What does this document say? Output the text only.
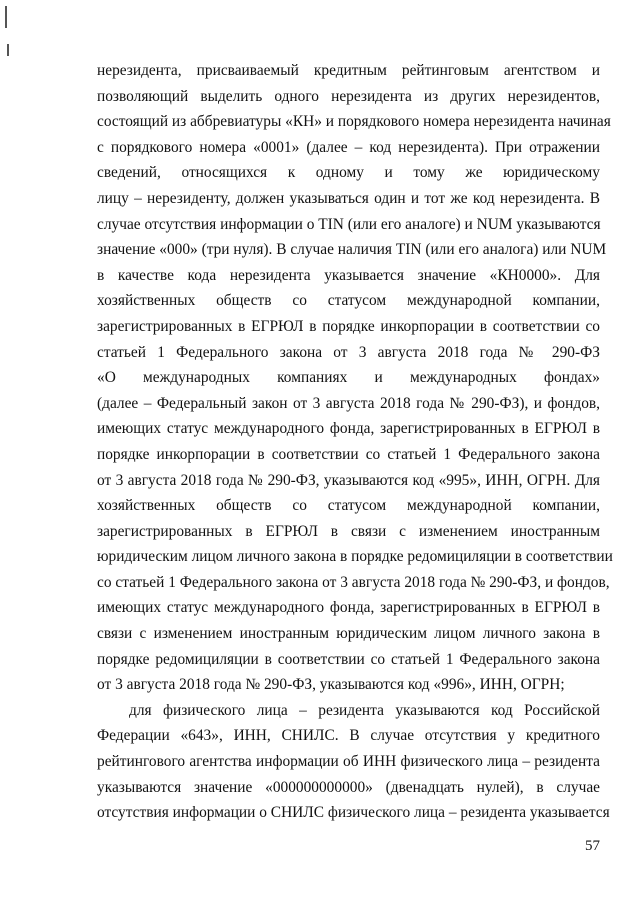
нерезидента, присваиваемый кредитным рейтинговым агентством и
позволяющий выделить одного нерезидента из других нерезидентов,
состоящий из аббревиатуры «КН» и порядкового номера нерезидента начиная
с порядкового номера «0001» (далее – код нерезидента). При отражении
сведений, относящихся к одному и тому же юридическому
лицу – нерезиденту, должен указываться один и тот же код нерезидента. В
случае отсутствия информации о TIN (или его аналоге) и NUM указываются
значение «000» (три нуля). В случае наличия TIN (или его аналога) или NUM
в качестве кода нерезидента указывается значение «КН0000». Для
хозяйственных обществ со статусом международной компании,
зарегистрированных в ЕГРЮЛ в порядке инкорпорации в соответствии со
статьей 1 Федерального закона от 3 августа 2018 года № 290-ФЗ
«О международных компаниях и международных фондах»
(далее – Федеральный закон от 3 августа 2018 года № 290-ФЗ), и фондов,
имеющих статус международного фонда, зарегистрированных в ЕГРЮЛ в
порядке инкорпорации в соответствии со статьей 1 Федерального закона
от 3 августа 2018 года № 290-ФЗ, указываются код «995», ИНН, ОГРН. Для
хозяйственных обществ со статусом международной компании,
зарегистрированных в ЕГРЮЛ в связи с изменением иностранным
юридическим лицом личного закона в порядке редомициляции в соответствии
со статьей 1 Федерального закона от 3 августа 2018 года № 290-ФЗ, и фондов,
имеющих статус международного фонда, зарегистрированных в ЕГРЮЛ в
связи с изменением иностранным юридическим лицом личного закона в
порядке редомициляции в соответствии со статьей 1 Федерального закона
от 3 августа 2018 года № 290-ФЗ, указываются код «996», ИНН, ОГРН;
для физического лица – резидента указываются код Российской
Федерации «643», ИНН, СНИЛС. В случае отсутствия у кредитного
рейтингового агентства информации об ИНН физического лица – резидента
указываются значение «000000000000» (двенадцать нулей), в случае
отсутствия информации о СНИЛС физического лица – резидента указывается
57
